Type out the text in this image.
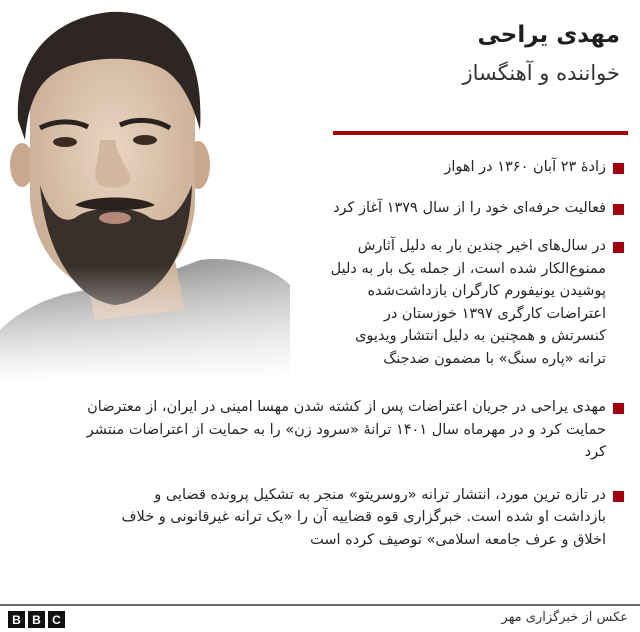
مهدی یراحی
خواننده و آهنگساز
زادهٔ ۲۳ آبان ۱۳۶۰ در اهواز
فعالیت حرفه‌ای خود را از سال ۱۳۷۹ آغاز کرد
در سال‌های اخیر چندین بار به دلیل آثارش ممنوع‌الکار شده است، از جمله یک بار به دلیل پوشیدن یونیفورم کارگران بازداشت‌شده اعتراضات کارگری ۱۳۹۷ خوزستان در کنسرتش و همچنین به دلیل انتشار ویدیوی ترانه «پاره سنگ» با مضمون ضدجنگ
مهدی یراحی در جریان اعتراضات پس از کشته شدن مهسا امینی در ایران، از معترضان حمایت کرد و در مهرماه سال ۱۴۰۱ ترانهٔ «سرود زن» را به حمایت از اعتراضات منتشر کرد
در تازه ترین مورد، انتشار ترانه «روسریتو» منجر به تشکیل پرونده قضایی و بازداشت او شده است. خبرگزاری قوه قضاییه آن را «یک ترانه غیرقانونی و خلاف اخلاق و عرف جامعه اسلامی» توصیف کرده است
B B C	عکس از خبرگزاری مهر
